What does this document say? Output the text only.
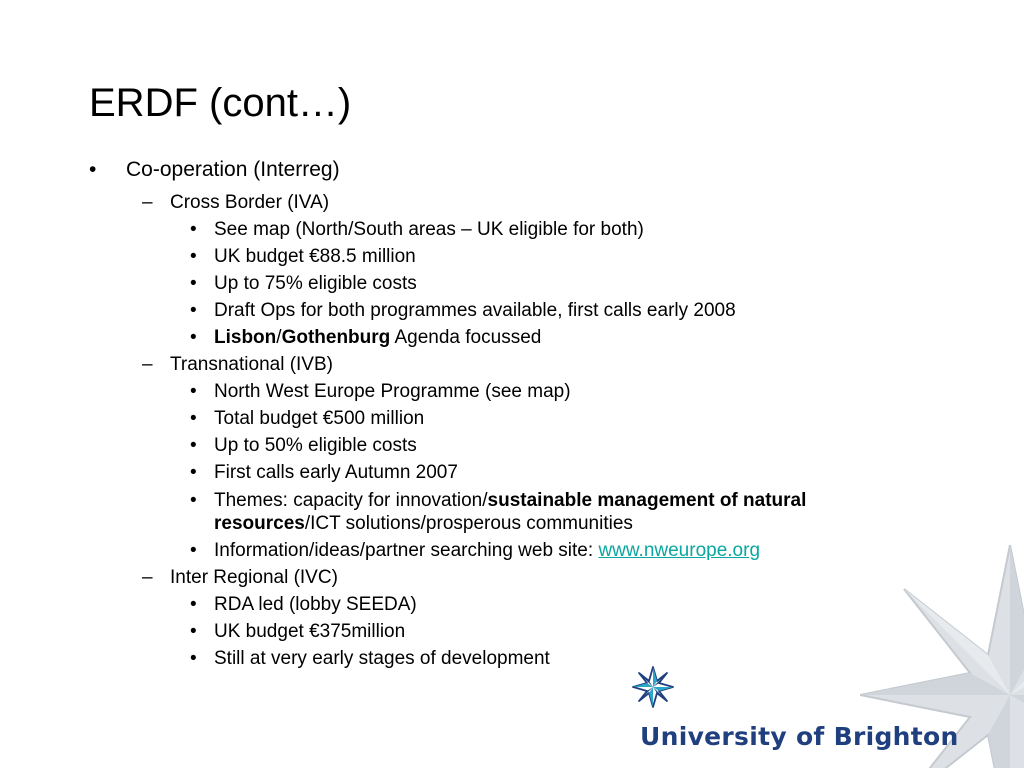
ERDF (cont…)
• Co-operation (Interreg)
– Cross Border (IVA)
• See map (North/South areas – UK eligible for both)
• UK budget €88.5 million
• Up to 75% eligible costs
• Draft Ops for both programmes available, first calls early 2008
• Lisbon/Gothenburg Agenda focussed
– Transnational (IVB)
• North West Europe Programme (see map)
• Total budget €500 million
• Up to 50% eligible costs
• First calls early Autumn 2007
• Themes: capacity for innovation/sustainable management of natural
resources/ICT solutions/prosperous communities
• Information/ideas/partner searching web site: www.nweurope.org
– Inter Regional (IVC)
• RDA led (lobby SEEDA)
• UK budget €375million
• Still at very early stages of development
University of Brighton
